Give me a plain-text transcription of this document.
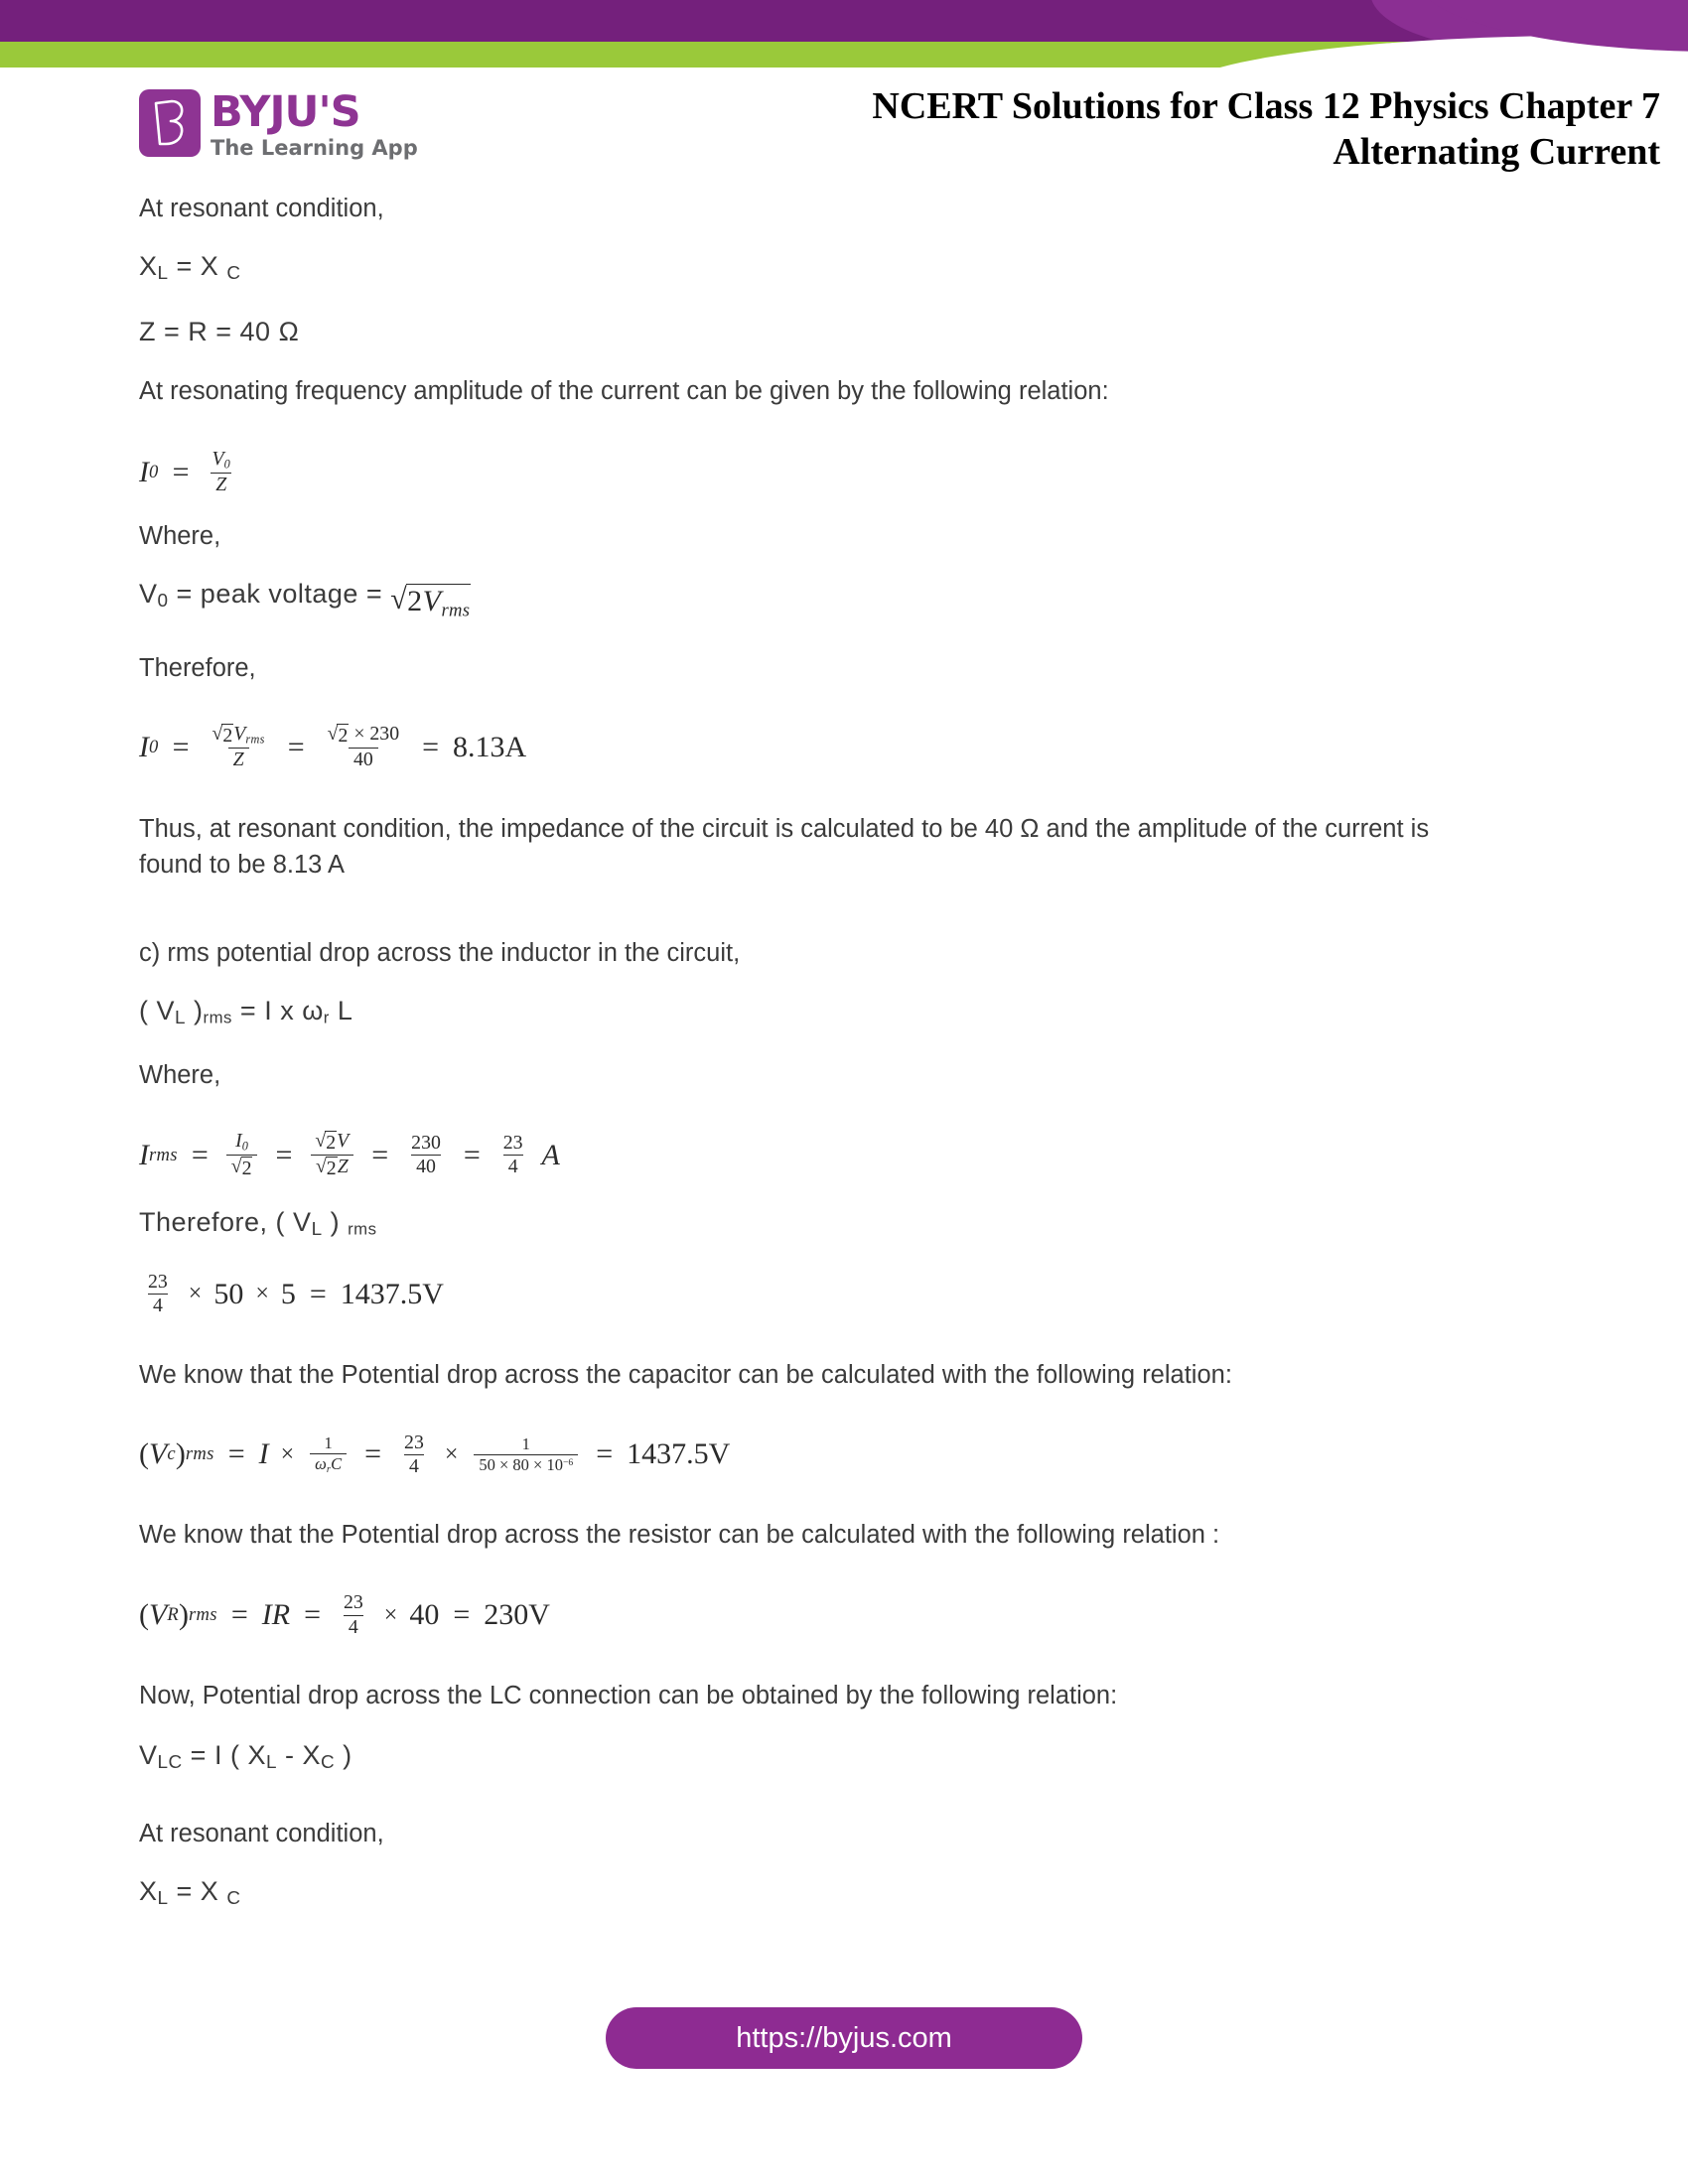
BYJU'S
The Learning App
NCERT Solutions for Class 12 Physics Chapter 7
Alternating Current

At resonant condition,

$X_L = X$ $_C$

Z = R = 40 Ω

At resonating frequency amplitude of the current can be given by the following relation:

I $0 = \frac{V0}{Z}$

Where,

$V_0$ = peak voltage = √ 2Vrms

Therefore,

I $0 = \frac{\text{√ 2 Vrms}}{Z} = \frac{√ 2 \times 230}{40} = 8.13A$

Thus, at resonant condition, the impedance of the circuit is calculated to be 40 Ω and the amplitude of the current is found to be 8.13 A

c) rms potential drop across the inductor in the circuit,

( $V_L$ )rms = I x ωr L

Where,

I rms = $\frac{I0}{√ 2} = \frac{√ 2 V}{√ 2 Z} = \frac{230}{40} = \frac{23}{4}$ A

Therefore, ( $V_L$ ) rms

$\frac{23}{4} \times 50 \times 5 = 1437.5V$

We know that the Potential drop across the capacitor can be calculated with the following relation:

( V c ) rms = $I \times \frac{1}{\text{ωrC}} = \frac{23}{4} \times \frac{1}{50 \times 80 \times 10^{-6}} = 1437.5V$

We know that the Potential drop across the resistor can be calculated with the following relation :

( V R ) rms = IR = $\frac{23}{4} \times 40 = 230V$

Now, Potential drop across the LC connection can be obtained by the following relation:

$V_{LC} = I$ ( $X_L - X_C$ )

At resonant condition,

$X_L = X$ $_C$

https://byjus.com
